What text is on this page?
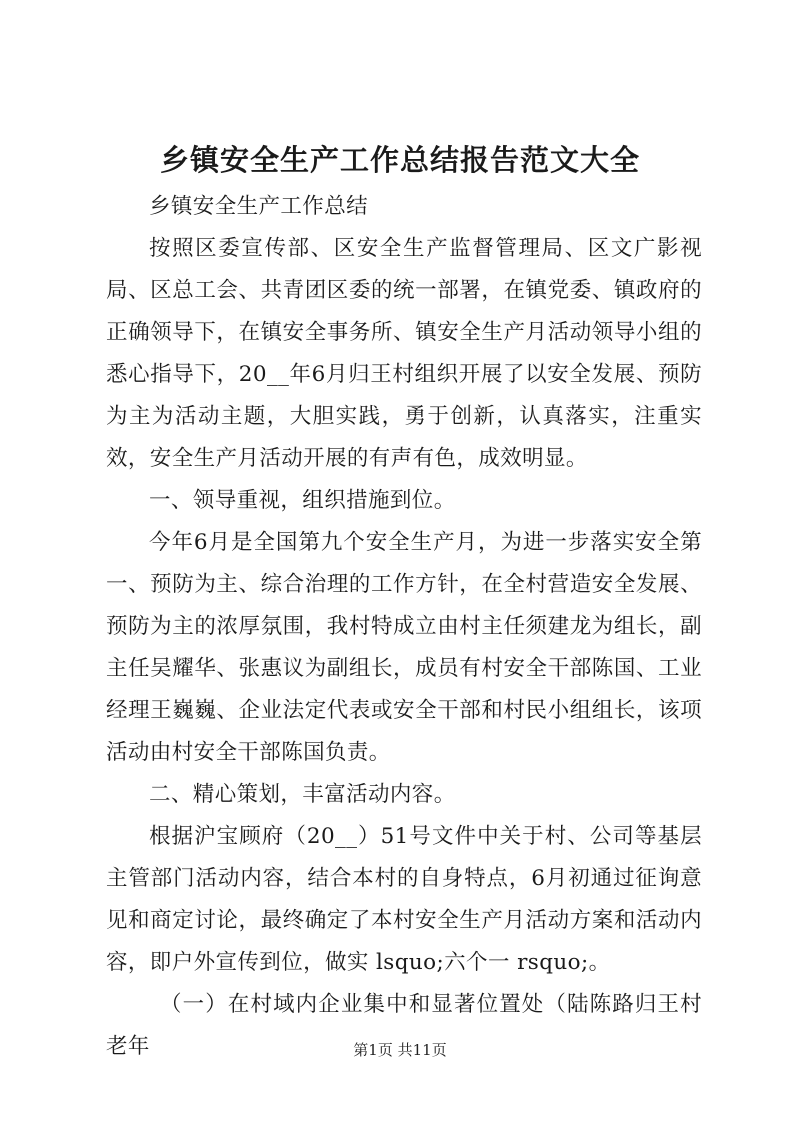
乡镇安全生产工作总结报告范文大全

乡镇安全生产工作总结

按照区委宣传部、区安全生产监督管理局、区文广影视局、区总工会、共青团区委的统一部署，在镇党委、镇政府的正确领导下，在镇安全事务所、镇安全生产月活动领导小组的悉心指导下，20__年6月归王村组织开展了以安全发展、预防为主为活动主题，大胆实践，勇于创新，认真落实，注重实效，安全生产月活动开展的有声有色，成效明显。

一、领导重视，组织措施到位。

今年6月是全国第九个安全生产月，为进一步落实安全第一、预防为主、综合治理的工作方针，在全村营造安全发展、预防为主的浓厚氛围，我村特成立由村主任须建龙为组长，副主任吴耀华、张惠议为副组长，成员有村安全干部陈国、工业经理王巍巍、企业法定代表或安全干部和村民小组组长，该项活动由村安全干部陈国负责。

二、精心策划，丰富活动内容。

根据沪宝顾府（20__）51号文件中关于村、公司等基层主管部门活动内容，结合本村的自身特点，6月初通过征询意见和商定讨论，最终确定了本村安全生产月活动方案和活动内容，即户外宣传到位，做实 lsquo;六个一 rsquo;。

（一）在村域内企业集中和显著位置处（陆陈路归王村老年	第1页 共11页
